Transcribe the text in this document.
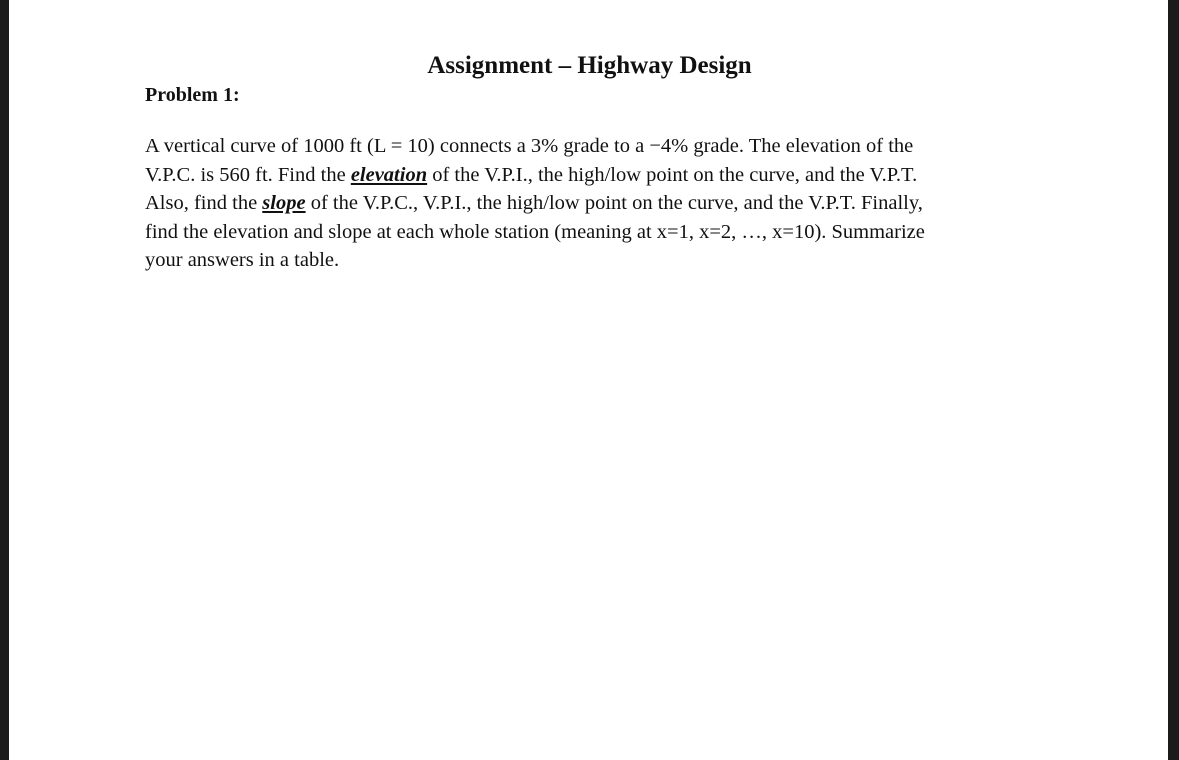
Assignment – Highway Design
Problem 1:
A vertical curve of 1000 ft (L = 10) connects a 3% grade to a −4% grade. The elevation of the
V.P.C. is 560 ft. Find the elevation of the V.P.I., the high/low point on the curve, and the V.P.T.
Also, find the slope of the V.P.C., V.P.I., the high/low point on the curve, and the V.P.T. Finally,
find the elevation and slope at each whole station (meaning at x=1, x=2, …, x=10). Summarize
your answers in a table.
